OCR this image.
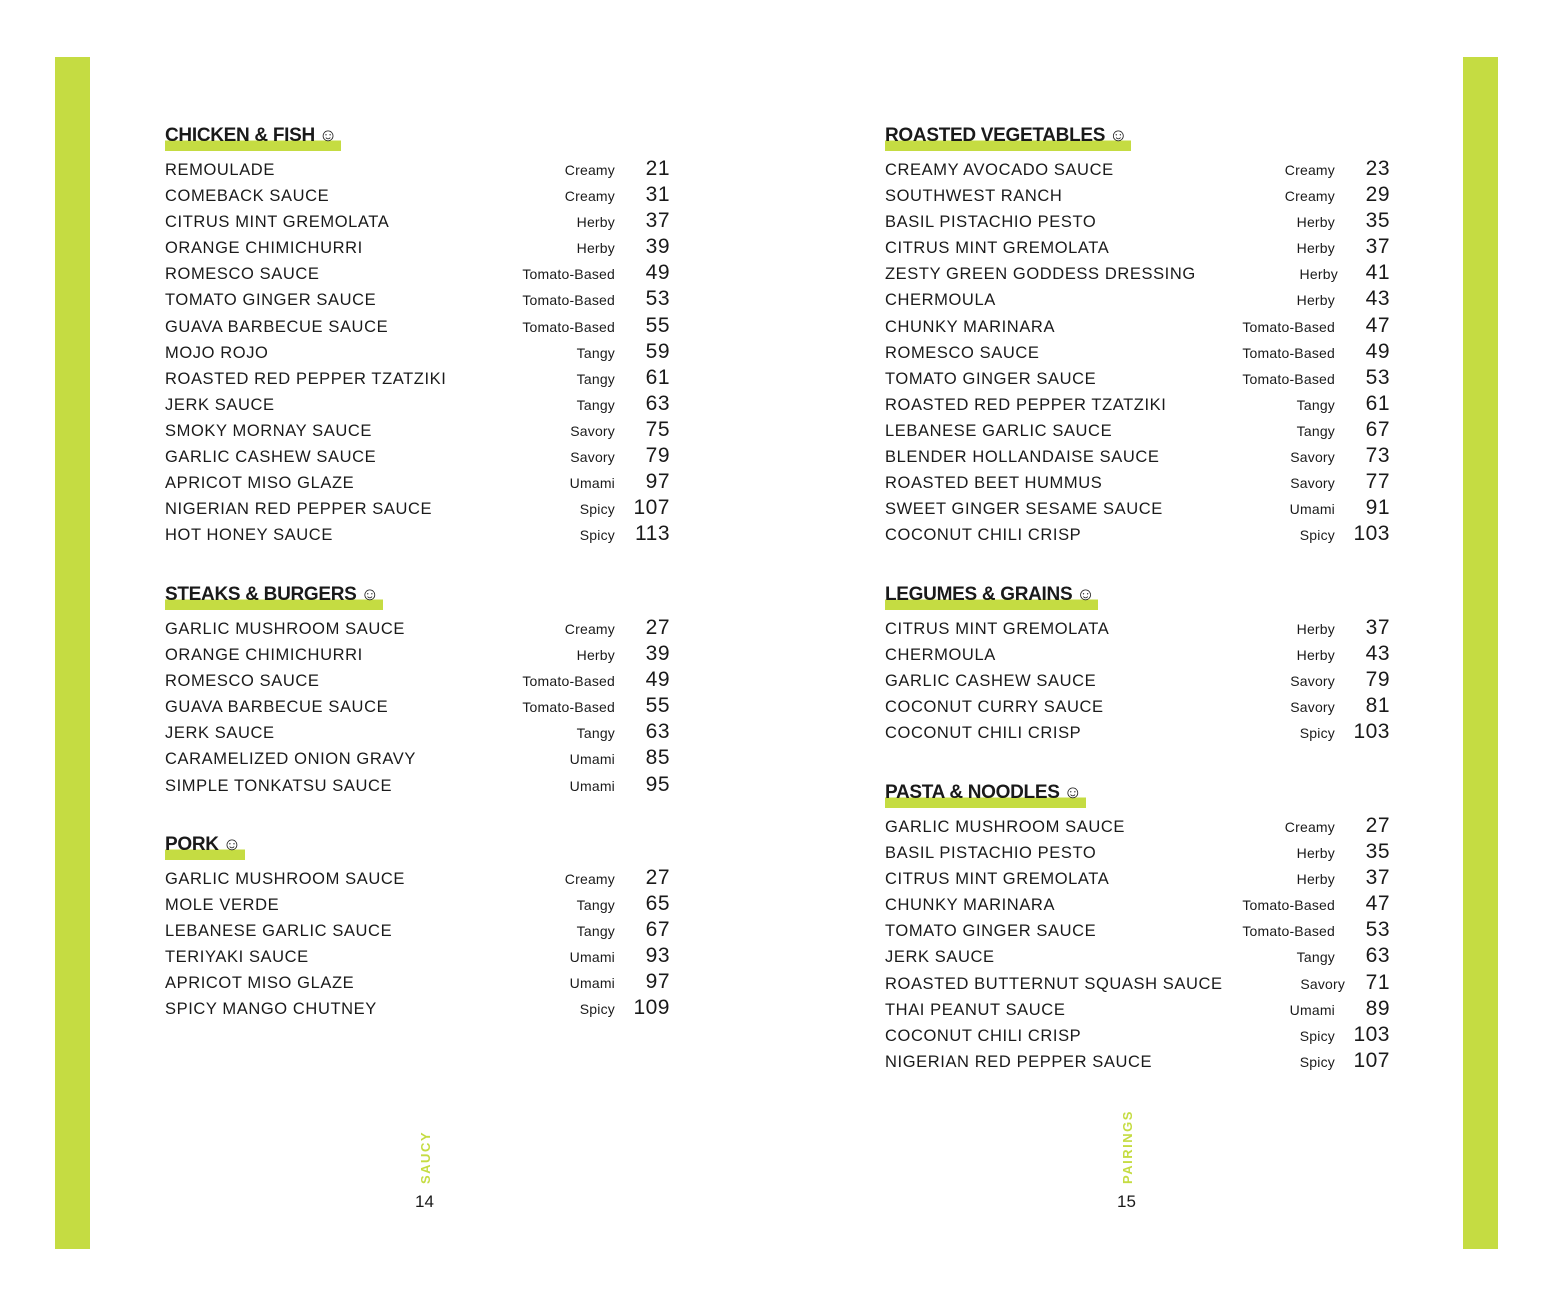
CHICKEN & FISH ☺
REMOULADE	Creamy	21
COMEBACK SAUCE	Creamy	31
CITRUS MINT GREMOLATA	Herby	37
ORANGE CHIMICHURRI	Herby	39
ROMESCO SAUCE	Tomato-Based	49
TOMATO GINGER SAUCE	Tomato-Based	53
GUAVA BARBECUE SAUCE	Tomato-Based	55
MOJO ROJO	Tangy	59
ROASTED RED PEPPER TZATZIKI	Tangy	61
JERK SAUCE	Tangy	63
SMOKY MORNAY SAUCE	Savory	75
GARLIC CASHEW SAUCE	Savory	79
APRICOT MISO GLAZE	Umami	97
NIGERIAN RED PEPPER SAUCE	Spicy 107
HOT HONEY SAUCE	Spicy 113
STEAKS & BURGERS ☺
GARLIC MUSHROOM SAUCE	Creamy	27
ORANGE CHIMICHURRI	Herby	39
ROMESCO SAUCE	Tomato-Based	49
GUAVA BARBECUE SAUCE	Tomato-Based	55
JERK SAUCE	Tangy	63
CARAMELIZED ONION GRAVY	Umami	85
SIMPLE TONKATSU SAUCE	Umami	95
PORK ☺
GARLIC MUSHROOM SAUCE	Creamy	27
MOLE VERDE	Tangy	65
LEBANESE GARLIC SAUCE	Tangy	67
TERIYAKI SAUCE	Umami	93
APRICOT MISO GLAZE	Umami	97
SPICY MANGO CHUTNEY	Spicy 109
ROASTED VEGETABLES ☺
CREAMY AVOCADO SAUCE	Creamy	23
SOUTHWEST RANCH	Creamy	29
BASIL PISTACHIO PESTO	Herby	35
CITRUS MINT GREMOLATA	Herby	37
ZESTY GREEN GODDESS DRESSING	Herby	41
CHERMOULA	Herby	43
CHUNKY MARINARA	Tomato-Based	47
ROMESCO SAUCE	Tomato-Based	49
TOMATO GINGER SAUCE	Tomato-Based	53
ROASTED RED PEPPER TZATZIKI	Tangy	61
LEBANESE GARLIC SAUCE	Tangy	67
BLENDER HOLLANDAISE SAUCE	Savory	73
ROASTED BEET HUMMUS	Savory	77
SWEET GINGER SESAME SAUCE	Umami	91
COCONUT CHILI CRISP	Spicy 103
LEGUMES & GRAINS ☺
CITRUS MINT GREMOLATA	Herby	37
CHERMOULA	Herby	43
GARLIC CASHEW SAUCE	Savory	79
COCONUT CURRY SAUCE	Savory	81
COCONUT CHILI CRISP	Spicy 103
PASTA & NOODLES ☺
GARLIC MUSHROOM SAUCE	Creamy	27
BASIL PISTACHIO PESTO	Herby	35
CITRUS MINT GREMOLATA	Herby	37
CHUNKY MARINARA	Tomato-Based	47
TOMATO GINGER SAUCE	Tomato-Based	53
JERK SAUCE	Tangy	63
ROASTED BUTTERNUT SQUASH SAUCE	Savory 71
THAI PEANUT SAUCE	Umami	89
COCONUT CHILI CRISP	Spicy 103
NIGERIAN RED PEPPER SAUCE	Spicy 107
SAUCY	PAIRINGS
14	15
